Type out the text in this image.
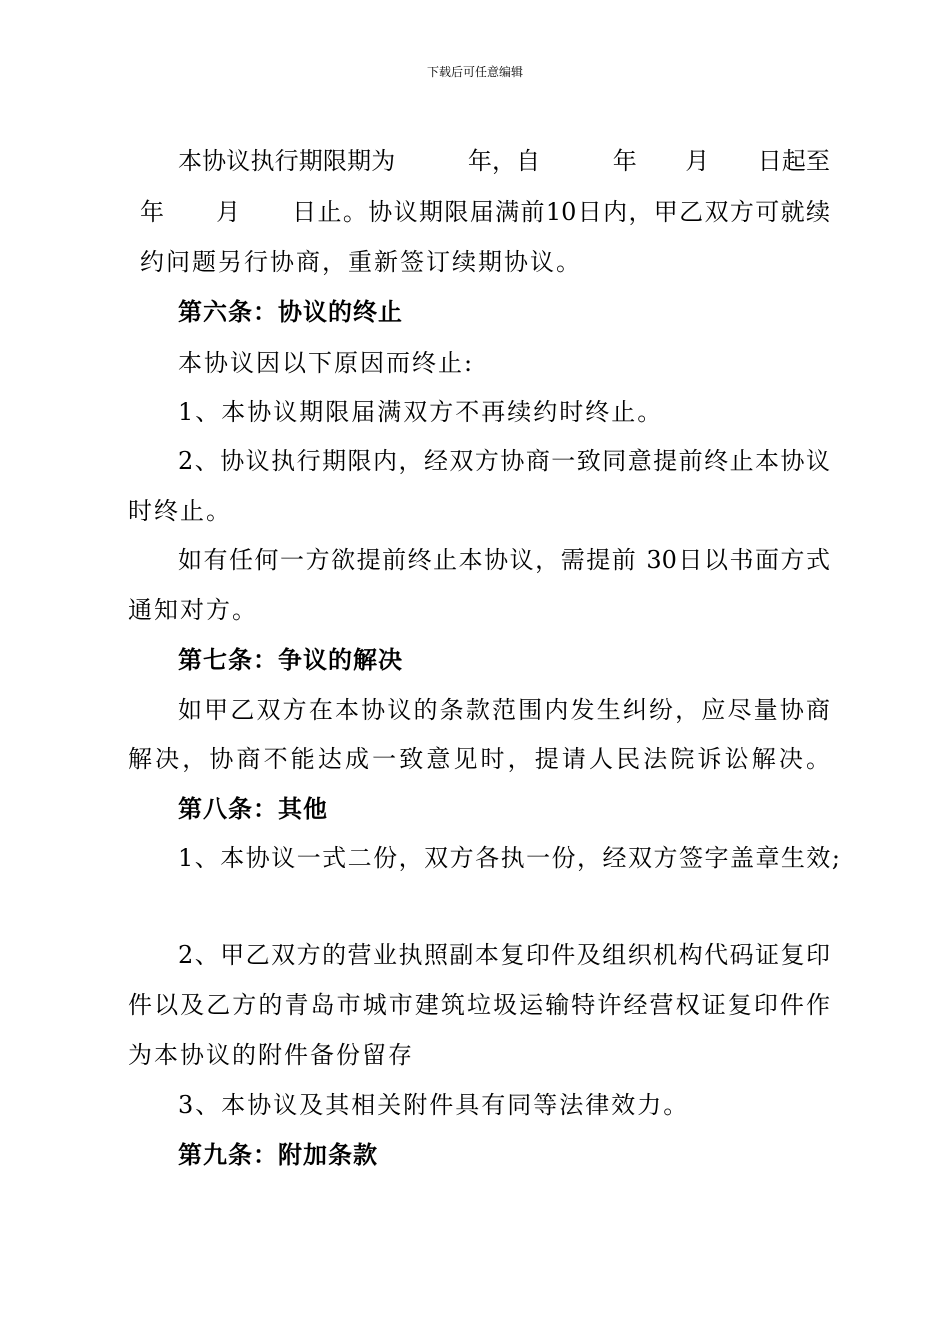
下载后可任意编辑
本协议执行期限期为　　　年，自　　　年　　月　　日起至
年　　月　　日止。协议期限届满前10日内，甲乙双方可就续
约问题另行协商，重新签订续期协议。
第六条：协议的终止
本协议因以下原因而终止:
1、本协议期限届满双方不再续约时终止。
2、协议执行期限内，经双方协商一致同意提前终止本协议
时终止。
如有任何一方欲提前终止本协议，需提前 30日以书面方式
通知对方。
第七条：争议的解决
如甲乙双方在本协议的条款范围内发生纠纷，应尽量协商
解决，协商不能达成一致意见时，提请人民法院诉讼解决。
第八条：其他
1、本协议一式二份，双方各执一份，经双方签字盖章生效;
2、甲乙双方的营业执照副本复印件及组织机构代码证复印
件以及乙方的青岛市城市建筑垃圾运输特许经营权证复印件作
为本协议的附件备份留存
3、本协议及其相关附件具有同等法律效力。
第九条：附加条款
